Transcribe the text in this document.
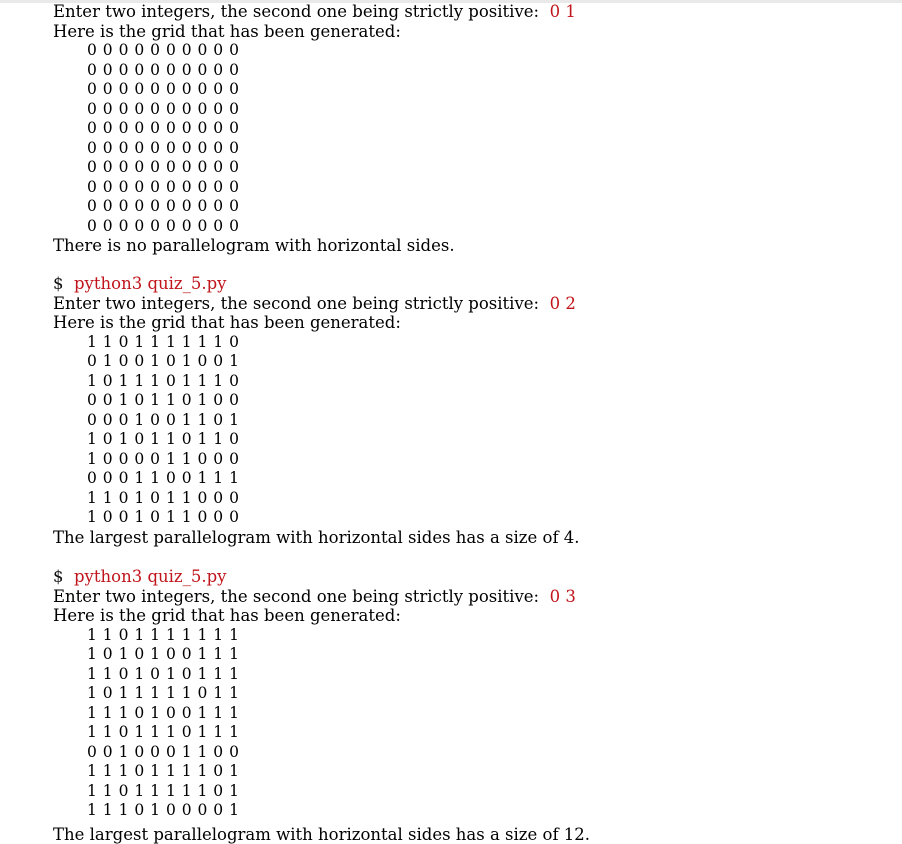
Enter two integers, the second one being strictly positive: 0 1
Here is the grid that has been generated:
0 0 0 0 0 0 0 0 0 0
0 0 0 0 0 0 0 0 0 0
0 0 0 0 0 0 0 0 0 0
0 0 0 0 0 0 0 0 0 0
0 0 0 0 0 0 0 0 0 0
0 0 0 0 0 0 0 0 0 0
0 0 0 0 0 0 0 0 0 0
0 0 0 0 0 0 0 0 0 0
0 0 0 0 0 0 0 0 0 0
0 0 0 0 0 0 0 0 0 0
There is no parallelogram with horizontal sides.
$ python3 quiz_5.py
Enter two integers, the second one being strictly positive: 0 2
Here is the grid that has been generated:
1 1 0 1 1 1 1 1 1 0
0 1 0 0 1 0 1 0 0 1
1 0 1 1 1 0 1 1 1 0
0 0 1 0 1 1 0 1 0 0
0 0 0 1 0 0 1 1 0 1
1 0 1 0 1 1 0 1 1 0
1 0 0 0 0 1 1 0 0 0
0 0 0 1 1 0 0 1 1 1
1 1 0 1 0 1 1 0 0 0
1 0 0 1 0 1 1 0 0 0
The largest parallelogram with horizontal sides has a size of 4.
$ python3 quiz_5.py
Enter two integers, the second one being strictly positive: 0 3
Here is the grid that has been generated:
1 1 0 1 1 1 1 1 1 1
1 0 1 0 1 0 0 1 1 1
1 1 0 1 0 1 0 1 1 1
1 0 1 1 1 1 1 0 1 1
1 1 1 0 1 0 0 1 1 1
1 1 0 1 1 1 0 1 1 1
0 0 1 0 0 0 1 1 0 0
1 1 1 0 1 1 1 1 0 1
1 1 0 1 1 1 1 1 0 1
1 1 1 0 1 0 0 0 0 1
The largest parallelogram with horizontal sides has a size of 12.
